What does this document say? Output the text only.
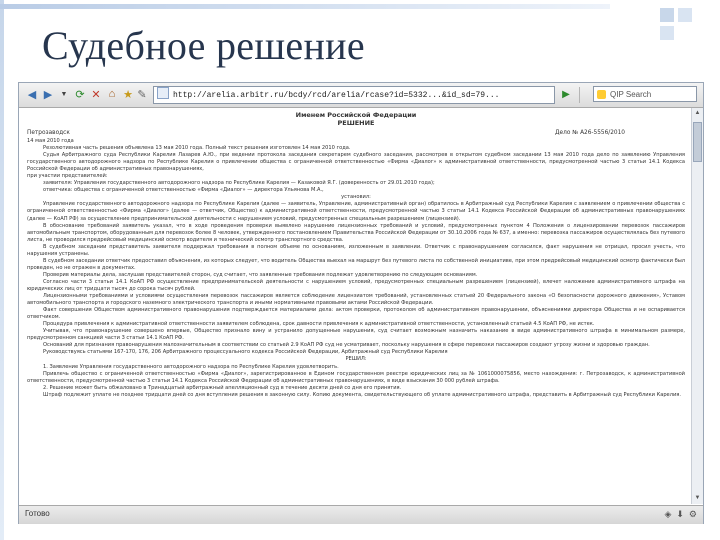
Судебное решение
◀ ▶	▼ ⟳ ✕ ⌂ ★ ✎	http://arelia.arbitr.ru/bcdy/rcd/arelia/rcase?id=5332...&id_sd=79...	▶	QIP Search
Именем Российской Федерации
РЕШЕНИЕ
Петрозаводск	Дело № А26-5556/2010
14 мая 2010 года

Резолютивная часть решения объявлена 13 мая 2010 года. Полный текст решения изготовлен 14 мая 2010 года.

Судья Арбитражного суда Республики Карелия Лазарев А.Ю., при ведении протокола заседания секретарем судебного заседания, рассмотрев в открытом судебном заседании 13 мая 2010 года дело по заявлению Управления государственного автодорожного надзора по Республике Карелия о привлечении общества с ограниченной ответственностью «Фирма «Диалог» к административной ответственности, предусмотренной частью 3 статьи 14.1 Кодекса Российской Федерации об административных правонарушениях,

при участии представителей:

заявителя: Управления государственного автодорожного надзора по Республике Карелия — Казаковой Я.Г. (доверенность от 29.01.2010 года);

ответчика: общества с ограниченной ответственностью «Фирма «Диалог» — директора Ульянова М.А.,

установил:

Управление государственного автодорожного надзора по Республике Карелия (далее — заявитель, Управление, административный орган) обратилось в Арбитражный суд Республики Карелия с заявлением о привлечении общества с ограниченной ответственностью «Фирма «Диалог» (далее — ответчик, Общество) к административной ответственности, предусмотренной частью 3 статьи 14.1 Кодекса Российской Федерации об административных правонарушениях (далее — КоАП РФ) за осуществление предпринимательской деятельности с нарушением условий, предусмотренных специальным разрешением (лицензией).

В обоснование требований заявитель указал, что в ходе проведения проверки выявлено нарушение лицензионных требований и условий, предусмотренных пунктом 4 Положения о лицензировании перевозок пассажиров автомобильным транспортом, оборудованным для перевозок более 8 человек, утвержденного постановлением Правительства Российской Федерации от 30.10.2006 года № 637, а именно: перевозка пассажиров осуществлялась без путевого листа, не проводился предрейсовый медицинский осмотр водителя и технический осмотр транспортного средства.

В судебном заседании представитель заявителя поддержал требования в полном объеме по основаниям, изложенным в заявлении. Ответчик с правонарушением согласился, факт нарушения не отрицал, просил учесть, что нарушения устранены.

В судебном заседании ответчик предоставил объяснения, из которых следует, что водитель Общества выехал на маршрут без путевого листа по собственной инициативе, при этом предрейсовый медицинский осмотр фактически был проведен, но не отражен в документах.

Проверив материалы дела, заслушав представителей сторон, суд считает, что заявленные требования подлежат удовлетворению по следующим основаниям.

Согласно части 3 статьи 14.1 КоАП РФ осуществление предпринимательской деятельности с нарушением условий, предусмотренных специальным разрешением (лицензией), влечет наложение административного штрафа на юридических лиц от тридцати тысяч до сорока тысяч рублей.

Лицензионными требованиями и условиями осуществления перевозок пассажиров является соблюдение лицензиатом требований, установленных статьей 20 Федерального закона «О безопасности дорожного движения», Уставом автомобильного транспорта и городского наземного электрического транспорта и иными нормативными правовыми актами Российской Федерации.

Факт совершения Обществом административного правонарушения подтверждается материалами дела: актом проверки, протоколом об административном правонарушении, объяснениями директора Общества и не оспаривается ответчиком.

Процедура привлечения к административной ответственности заявителем соблюдена, срок давности привлечения к административной ответственности, установленный статьей 4.5 КоАП РФ, не истек.

Учитывая, что правонарушение совершено впервые, Общество признало вину и устранило допущенные нарушения, суд считает возможным назначить наказание в виде административного штрафа в минимальном размере, предусмотренном санкцией части 3 статьи 14.1 КоАП РФ.

Оснований для признания правонарушения малозначительным в соответствии со статьей 2.9 КоАП РФ суд не усматривает, поскольку нарушения в сфере перевозки пассажиров создают угрозу жизни и здоровью граждан.

Руководствуясь статьями 167-170, 176, 206 Арбитражного процессуального кодекса Российской Федерации, Арбитражный суд Республики Карелия

РЕШИЛ:

1. Заявление Управления государственного автодорожного надзора по Республике Карелия удовлетворить.

Привлечь общество с ограниченной ответственностью «Фирма «Диалог», зарегистрированное в Едином государственном реестре юридических лиц за № 1061000075856, место нахождения: г. Петрозаводск, к административной ответственности, предусмотренной частью 3 статьи 14.1 Кодекса Российской Федерации об административных правонарушениях, в виде взыскания 30 000 рублей штрафа.

2. Решение может быть обжаловано в Тринадцатый арбитражный апелляционный суд в течение десяти дней со дня его принятия.

Штраф подлежит уплате не позднее тридцати дней со дня вступления решения в законную силу. Копию документа, свидетельствующего об уплате административного штрафа, представить в Арбитражный суд Республики Карелия.

▲
▼
Готово	◈ ⬇ ⚙
